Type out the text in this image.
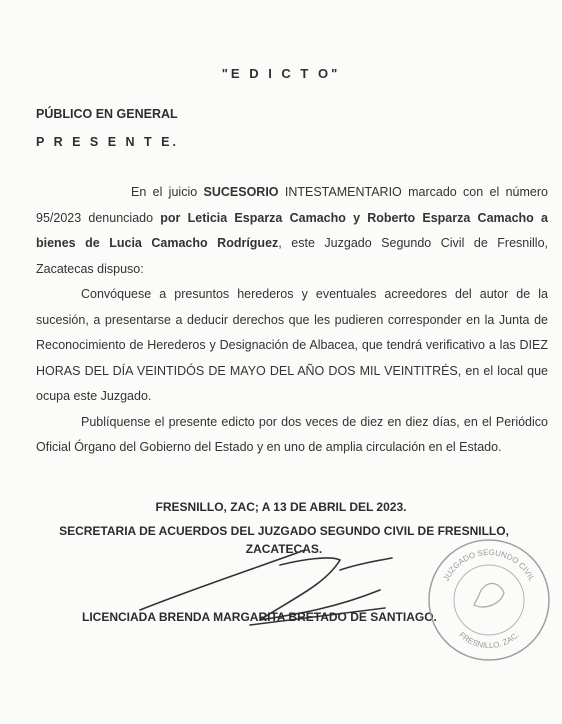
"E D I C T O"
PÚBLICO EN GENERAL
P R E S E N T E.

En el juicio SUCESORIO INTESTAMENTARIO marcado con el número 95/2023 denunciado por Leticia Esparza Camacho y Roberto Esparza Camacho a bienes de Lucia Camacho Rodríguez, este Juzgado Segundo Civil de Fresnillo, Zacatecas dispuso:

Convóquese a presuntos herederos y eventuales acreedores del autor de la sucesión, a presentarse a deducir derechos que les pudieren corresponder en la Junta de Reconocimiento de Herederos y Designación de Albacea, que tendrá verificativo a las DIEZ HORAS DEL DÍA VEINTIDÓS DE MAYO DEL AÑO DOS MIL VEINTITRÉS, en el local que ocupa este Juzgado.

Publíquense el presente edicto por dos veces de diez en diez días, en el Periódico Oficial Órgano del Gobierno del Estado y en uno de amplia circulación en el Estado.

FRESNILLO, ZAC; A 13 DE ABRIL DEL 2023.
SECRETARIA DE ACUERDOS DEL JUZGADO SEGUNDO CIVIL DE FRESNILLO,
ZACATECAS.
LICENCIADA BRENDA MARGARITA BRETADO DE SANTIAGO.
JUZGADO SEGUNDO CIVIL
FRESNILLO, ZAC.
